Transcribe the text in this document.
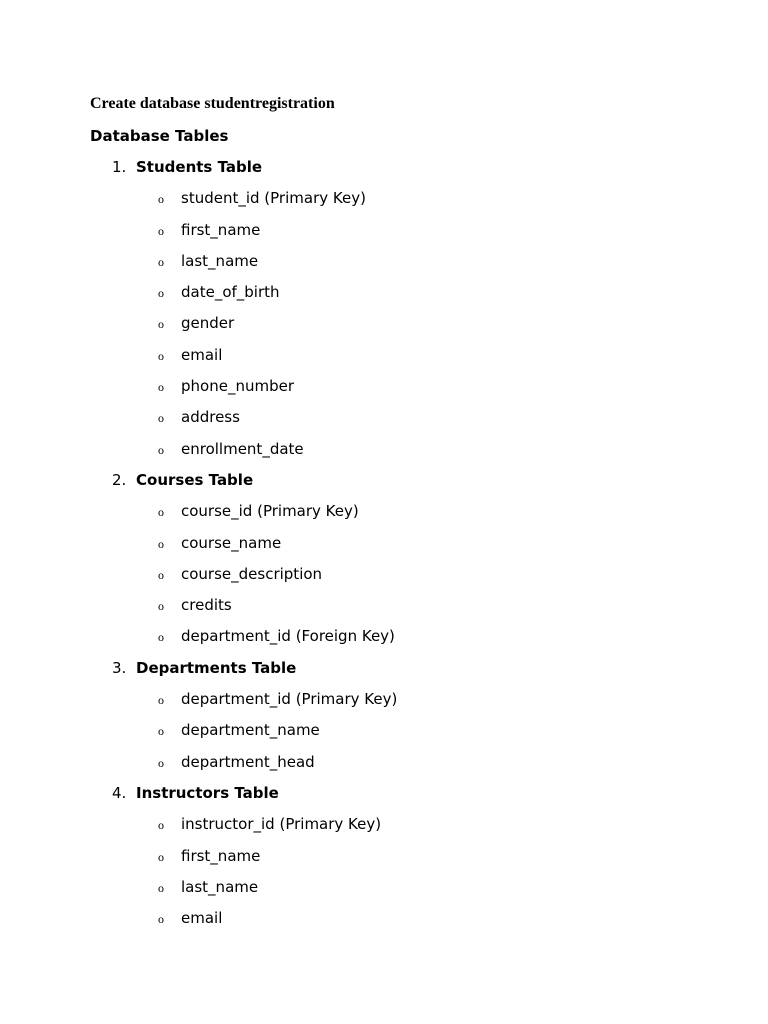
Create database studentregistration
Database Tables
1. Students Table
o student_id (Primary Key)
o first_name
o last_name
o date_of_birth
o gender
o email
o phone_number
o address
o enrollment_date
2. Courses Table
o course_id (Primary Key)
o course_name
o course_description
o credits
o department_id (Foreign Key)
3. Departments Table
o department_id (Primary Key)
o department_name
o department_head
4. Instructors Table
o instructor_id (Primary Key)
o first_name
o last_name
o email
